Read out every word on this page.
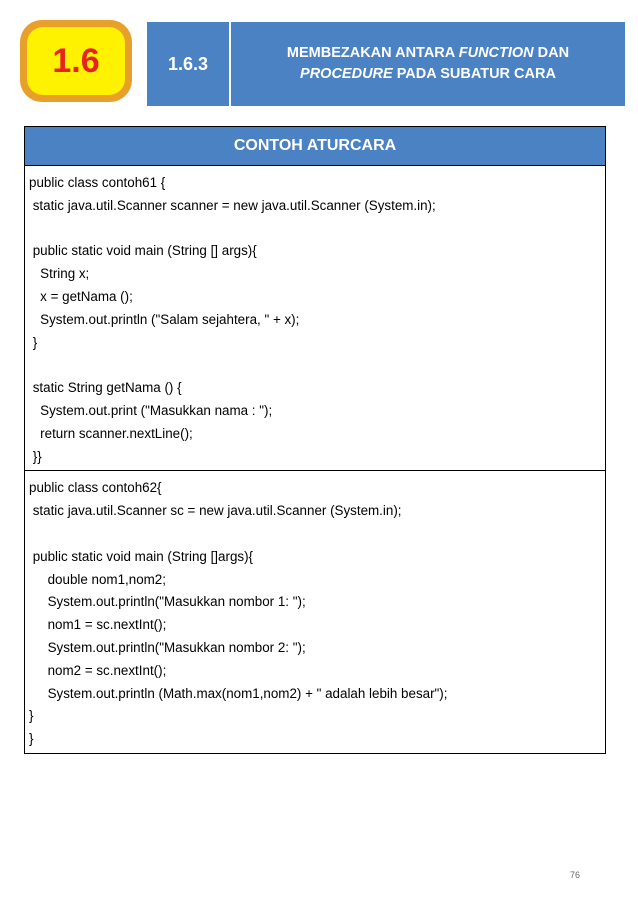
1.6	1.6.3
MEMBEZAKAN ANTARA FUNCTION DAN
PROCEDURE PADA SUBATUR CARA
CONTOH ATURCARA

public class contoh61 {
static java.util.Scanner scanner = new java.util.Scanner (System.in);
public static void main (String [] args){
String x;
x = getNama ();
System.out.println ("Salam sejahtera, " + x);
}
static String getNama () {
System.out.print ("Masukkan nama : ");
return scanner.nextLine();
}}

public class contoh62{
static java.util.Scanner sc = new java.util.Scanner (System.in);
public static void main (String []args){
double nom1,nom2;
System.out.println("Masukkan nombor 1: ");
nom1 = sc.nextInt();
System.out.println("Masukkan nombor 2: ");
nom2 = sc.nextInt();
System.out.println (Math.max(nom1,nom2) + " adalah lebih besar");
}
}
76
